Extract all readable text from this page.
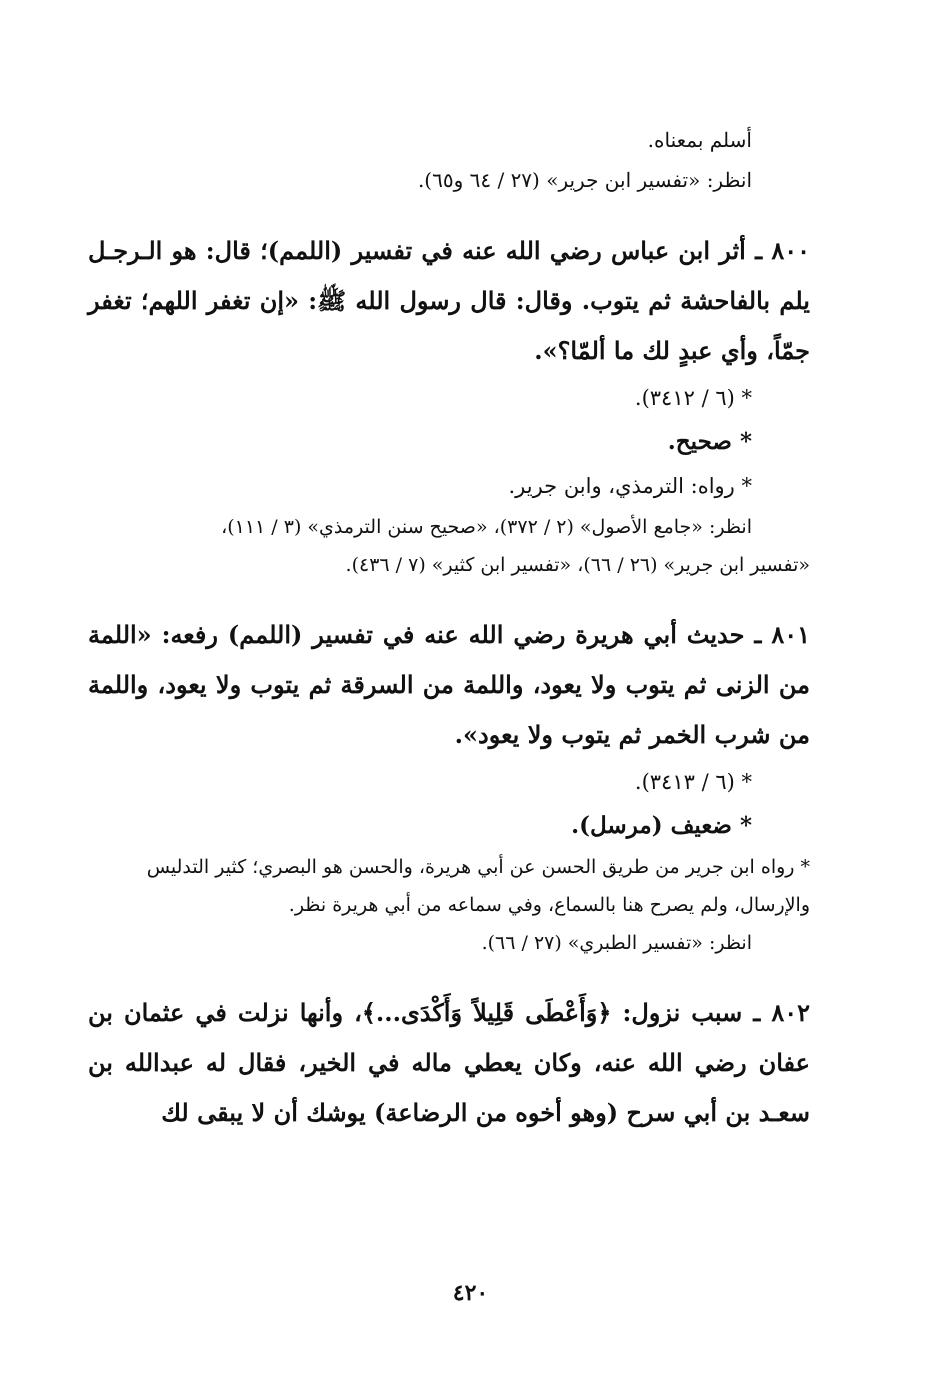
أسلم بمعناه.

انظر: «تفسير ابن جرير» (٢٧ / ٦٤ و٦٥).

٨٠٠ ـ أثر ابن عباس رضي الله عنه في تفسير (اللمم)؛ قال: هو الـرجـل يلم بالفاحشة ثم يتوب. وقال: قال رسول الله ﷺ: «إن تغفر اللهم؛ تغفر جمّاً، وأي عبدٍ لك ما ألمّا؟».

* (٦ / ٣٤١٢).

* صحيح.

* رواه: الترمذي، وابن جرير.

انظر: «جامع الأصول» (٢ / ٣٧٢)، «صحيح سنن الترمذي» (٣ / ١١١)،

«تفسير ابن جرير» (٢٦ / ٦٦)، «تفسير ابن كثير» (٧ / ٤٣٦).

٨٠١ ـ حديث أبي هريرة رضي الله عنه في تفسير (اللمم) رفعه: «اللمة من الزنى ثم يتوب ولا يعود، واللمة من السرقة ثم يتوب ولا يعود، واللمة من شرب الخمر ثم يتوب ولا يعود».

* (٦ / ٣٤١٣).

* ضعيف (مرسل).

* رواه ابن جرير من طريق الحسن عن أبي هريرة، والحسن هو البصري؛ كثير التدليس والإرسال، ولم يصرح هنا بالسماع، وفي سماعه من أبي هريرة نظر.

انظر: «تفسير الطبري» (٢٧ / ٦٦).

٨٠٢ ـ سبب نزول: ﴿وَأَعْطَى قَلِيلاً وَأَكْدَى...﴾، وأنها نزلت في عثمان بن عفان رضي الله عنه، وكان يعطي ماله في الخير، فقال له عبدالله بن سعـد بن أبي سرح (وهو أخوه من الرضاعة) يوشك أن لا يبقى لك

٤٢٠
